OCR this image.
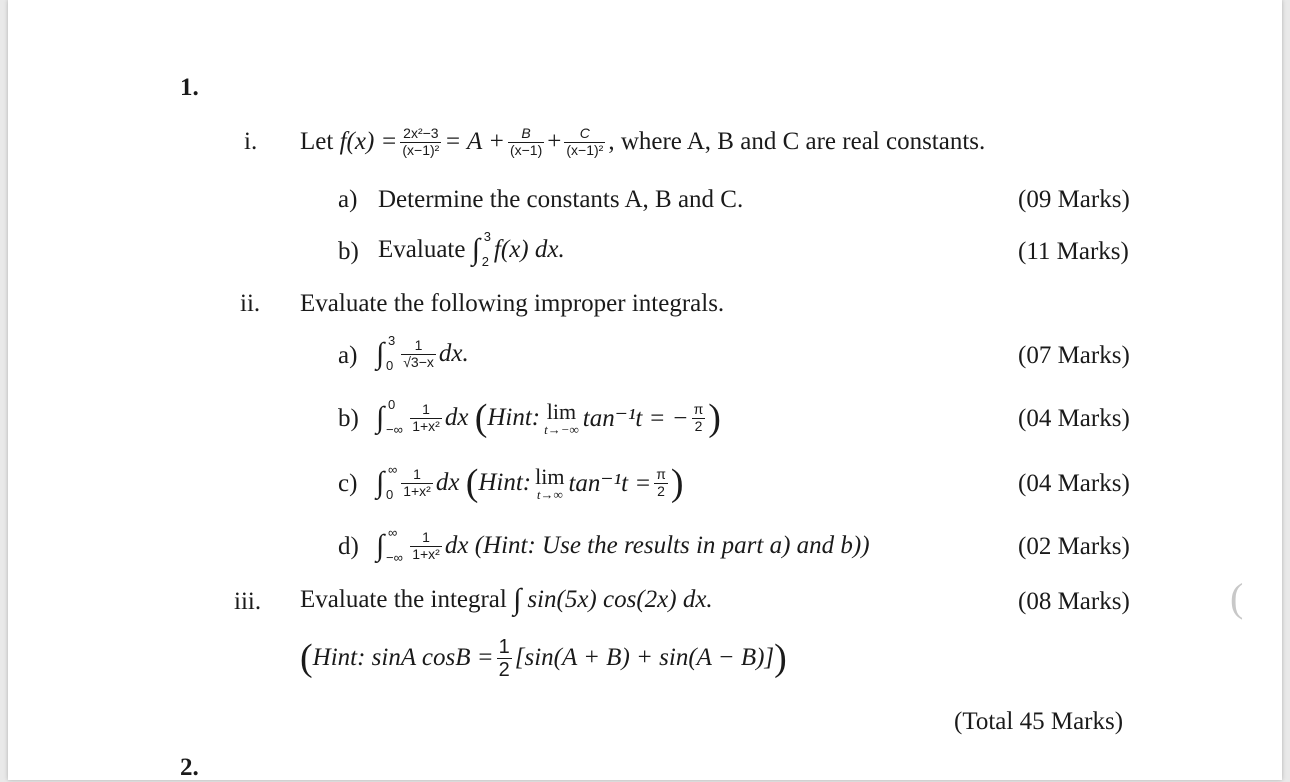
1.
i. Let
$f(x) = \frac{\text{2x²−3}}{\text{(x−1)²}} = A + \frac{B}{(x-1)} + \frac{C}{\text{(x−1)²}}$ , where A, B and C are real constants.
a) Determine the constants A, B and C.	(09 Marks)
b) Evaluate
∫ 3
2 f(x) dx.	(11 Marks)
ii. Evaluate the following improper integrals.
a) ∫ 3
$0 \frac{1}{√3-x}$ dx.	(07 Marks)
b) ∫ 0
−∞ $\frac{1}{\text{1+x²}}$ dx
( Hint: lim
t→−∞ tan⁻¹t = − $\frac{\pi}{2}$ )	(04 Marks)
c) ∫ ∞
$0 \frac{1}{\text{1+x²}}$ dx
( Hint: lim
t→∞ $\tan^{-1}t = \frac{\pi}{2}$ )	(04 Marks)
d) ∫ ∞
−∞ $\frac{1}{\text{1+x²}}$ dx (Hint: Use the results in part a) and b))	(02 Marks)
iii. Evaluate the integral
∫ sin(5x) cos(2x) dx.	(08 Marks)
( Hint: sinA $\cos B = \frac{1}{2} [\sin(A + B) + \sin(A - B)]$ )
(Total 45 Marks)
2.
(
